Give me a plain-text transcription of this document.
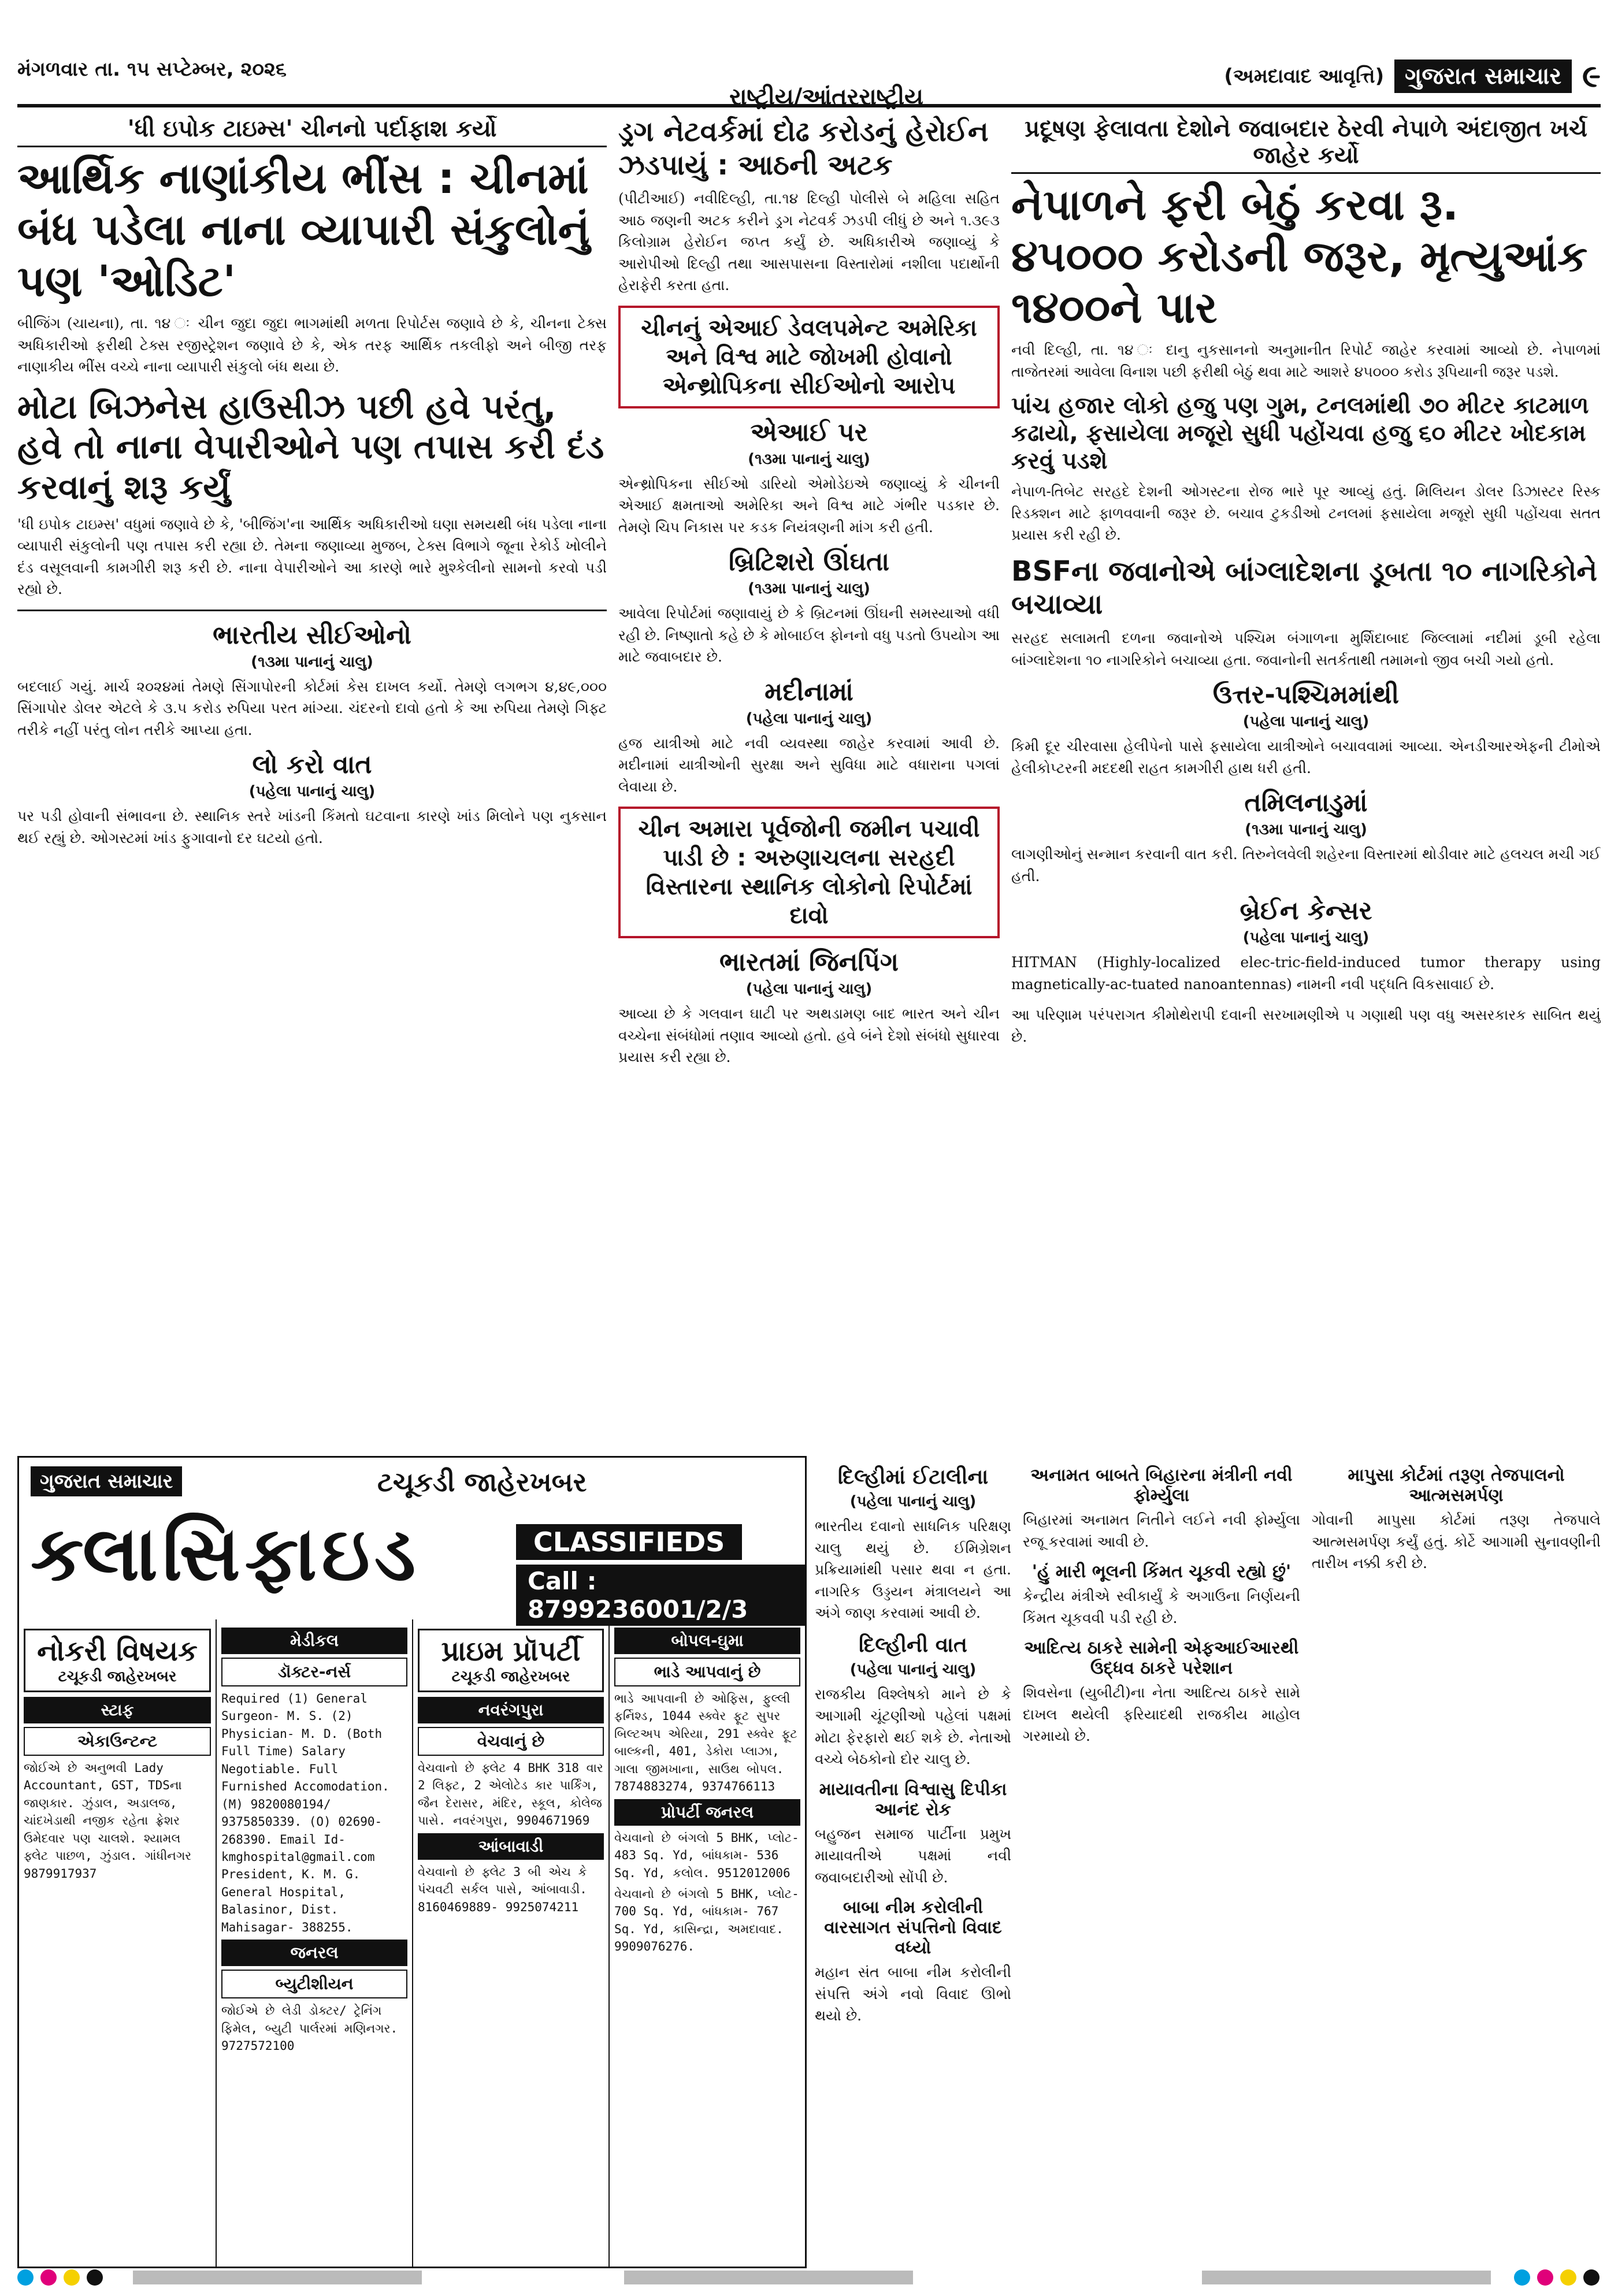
મંગળવાર તા. ૧૫ સપ્ટેમ્બર, ૨૦૨૬
રાષ્ટ્રીય/આંતરરાષ્ટ્રીય
(અમદાવાદ આવૃત્તિ) ગુજરાત સમાચાર ૯
'ધી ઇપોક ટાઇમ્સ' ચીનનો પર્દાફાશ કર્યો
આર્થિક નાણાંકીય ભીંસ : ચીનમાં બંધ પડેલા નાના વ્યાપારી સંકુલોનું પણ 'ઓડિટ'

બીજિંગ (ચાયના), તા. ૧૪ ઃ ચીન જુદા જુદા ભાગમાંથી મળતા રિપોર્ટસ જણાવે છે કે, ચીનના ટેક્સ અધિકારીઓ ફરીથી ટેક્સ રજીસ્ટ્રેશન જણાવે છે કે, એક તરફ આર્થિક તકલીફો અને બીજી તરફ નાણાકીય ભીંસ વચ્ચે નાના વ્યાપારી સંકુલો બંધ થયા છે.

મોટા બિઝનેસ હાઉસીઝ પછી હવે પરંતુ, હવે તો નાના વેપારીઓને પણ તપાસ કરી દંડ કરવાનું શરૂ કર્યું

'ધી ઇપોક ટાઇમ્સ' વધુમાં જણાવે છે કે, 'બીજિંગ'ના આર્થિક અધિકારીઓ ઘણા સમયથી બંધ પડેલા નાના વ્યાપારી સંકુલોની પણ તપાસ કરી રહ્યા છે. તેમના જણાવ્યા મુજબ, ટેક્સ વિભાગે જૂના રેકોર્ડ ખોલીને દંડ વસૂલવાની કામગીરી શરૂ કરી છે. નાના વેપારીઓને આ કારણે ભારે મુશ્કેલીનો સામનો કરવો પડી રહ્યો છે.

ભારતીય સીઈઓનો
(૧૩મા પાનાનું ચાલુ)

બદલાઈ ગયું. માર્ચ ૨૦૨૪માં તેમણે સિંગાપોરની કોર્ટમાં કેસ દાખલ કર્યો. તેમણે લગભગ ૪,૪૯,૦૦૦ સિંગાપોર ડોલર એટલે કે ૩.૫ કરોડ રુપિયા પરત માંગ્યા. ચંદરનો દાવો હતો કે આ રુપિયા તેમણે ગિફ્ટ તરીકે નહીં પરંતુ લોન તરીકે આપ્યા હતા.

લો કરો વાત
(પહેલા પાનાનું ચાલુ)

પર પડી હોવાની સંભાવના છે. સ્થાનિક સ્તરે ખાંડની કિંમતો ઘટવાના કારણે ખાંડ મિલોને પણ નુકસાન થઈ રહ્યું છે. ઓગસ્ટમાં ખાંડ ફુગાવાનો દર ઘટયો હતો.

ડ્રગ નેટવર્કમાં દોઢ કરોડનું હેરોઈન ઝડપાયું : આઠની અટક

(પીટીઆઈ) નવીદિલ્હી, તા.૧૪ દિલ્હી પોલીસે બે મહિલા સહિત આઠ જણની અટક કરીને ડ્રગ નેટવર્ક ઝડપી લીધું છે અને ૧.૩૯૩ કિલોગ્રામ હેરોઈન જપ્ત કર્યું છે. અધિકારીએ જણાવ્યું કે આરોપીઓ દિલ્હી તથા આસપાસના વિસ્તારોમાં નશીલા પદાર્થોની હેરાફેરી કરતા હતા.

ચીનનું એઆઈ ડેવલપમેન્ટ અમેરિકા અને વિશ્વ માટે જોખમી હોવાનો એન્થ્રોપિકના સીઈઓનો આરોપ
એઆઈ પર
(૧૩મા પાનાનું ચાલુ)

એન્થ્રોપિકના સીઈઓ ડારિયો એમોડેઇએ જણાવ્યું કે ચીનની એઆઈ ક્ષમતાઓ અમેરિકા અને વિશ્વ માટે ગંભીર પડકાર છે. તેમણે ચિપ નિકાસ પર કડક નિયંત્રણની માંગ કરી હતી.

બ્રિટિશરો ઊંઘતા
(૧૩મા પાનાનું ચાલુ)

આવેલા રિપોર્ટમાં જણાવાયું છે કે બ્રિટનમાં ઊંઘની સમસ્યાઓ વધી રહી છે. નિષ્ણાતો કહે છે કે મોબાઈલ ફોનનો વધુ પડતો ઉપયોગ આ માટે જવાબદાર છે.

મદીનામાં
(પહેલા પાનાનું ચાલુ)

હજ યાત્રીઓ માટે નવી વ્યવસ્થા જાહેર કરવામાં આવી છે. મદીનામાં યાત્રીઓની સુરક્ષા અને સુવિધા માટે વધારાના પગલાં લેવાયા છે.

ચીન અમારા પૂર્વજોની જમીન પચાવી પાડી છે : અરુણાચલના સરહદી વિસ્તારના સ્થાનિક લોકોનો રિપોર્ટમાં દાવો
ભારતમાં જિનપિંગ
(પહેલા પાનાનું ચાલુ)

આવ્યા છે કે ગલવાન ઘાટી પર અથડામણ બાદ ભારત અને ચીન વચ્ચેના સંબંધોમાં તણાવ આવ્યો હતો. હવે બંને દેશો સંબંધો સુધારવા પ્રયાસ કરી રહ્યા છે.

પ્રદૂષણ ફેલાવતા દેશોને જવાબદાર ઠેરવી નેપાળે અંદાજીત ખર્ચ જાહેર કર્યો
નેપાળને ફરી બેઠું કરવા રૂ. ૪૫૦૦૦ કરોડની જરૂર, મૃત્યુઆંક ૧૪૦૦ને પાર

નવી દિલ્હી, તા. ૧૪ ઃ દાનુ નુકસાનનો અનુમાનીત રિપોર્ટ જાહેર કરવામાં આવ્યો છે. નેપાળમાં તાજેતરમાં આવેલા વિનાશ પછી ફરીથી બેઠું થવા માટે આશરે ૪૫૦૦૦ કરોડ રૂપિયાની જરૂર પડશે.

પાંચ હજાર લોકો હજુ પણ ગુમ, ટનલમાંથી ૭૦ મીટર કાટમાળ કઢાયો, ફસાયેલા મજૂરો સુધી પહોંચવા હજુ ૬૦ મીટર ખોદકામ કરવું પડશે

નેપાળ-તિબેટ સરહદે દેશની ઓગસ્ટના રોજ ભારે પૂર આવ્યું હતું. મિલિયન ડોલર ડિઝાસ્ટર રિસ્ક રિડક્શન માટે ફાળવવાની જરૂર છે. બચાવ ટુકડીઓ ટનલમાં ફસાયેલા મજૂરો સુધી પહોંચવા સતત પ્રયાસ કરી રહી છે.

BSFના જવાનોએ બાંગ્લાદેશના ડૂબતા ૧૦ નાગરિકોને બચાવ્યા

સરહદ સલામતી દળના જવાનોએ પશ્ચિમ બંગાળના મુર્શિદાબાદ જિલ્લામાં નદીમાં ડૂબી રહેલા બાંગ્લાદેશના ૧૦ નાગરિકોને બચાવ્યા હતા. જવાનોની સતર્કતાથી તમામનો જીવ બચી ગયો હતો.

ઉત્તર-પશ્ચિમમાંથી
(પહેલા પાનાનું ચાલુ)

કિમી દૂર ચીરવાસા હેલીપેનો પાસે ફસાયેલા યાત્રીઓને બચાવવામાં આવ્યા. એનડીઆરએફની ટીમોએ હેલીકોપ્ટરની મદદથી રાહત કામગીરી હાથ ધરી હતી.

તમિલનાડુમાં
(૧૩મા પાનાનું ચાલુ)

લાગણીઓનું સન્માન કરવાની વાત કરી. તિરુનેલવેલી શહેરના વિસ્તારમાં થોડીવાર માટે હલચલ મચી ગઈ હતી.

બ્રેઈન કેન્સર
(પહેલા પાનાનું ચાલુ)

HITMAN (Highly-localized elec-tric-field-induced tumor therapy using magnetically-ac-tuated nanoantennas) નામની નવી પદ્ધતિ વિકસાવાઈ છે.

આ પરિણામ પરંપરાગત કીમોથેરાપી દવાની સરખામણીએ ૫ ગણાથી પણ વધુ અસરકારક સાબિત થયું છે.

દિલ્હીમાં ઈટાલીના
(પહેલા પાનાનું ચાલુ)

ભારતીય દવાનો સાધનિક પરિક્ષણ ચાલુ થયું છે. ઈમિગ્રેશન પ્રક્રિયામાંથી પસાર થવા ન હતા. નાગરિક ઉડ્ડયન મંત્રાલયને આ અંગે જાણ કરવામાં આવી છે.

દિલ્હીની વાત
(પહેલા પાનાનું ચાલુ)

રાજકીય વિશ્લેષકો માને છે કે આગામી ચૂંટણીઓ પહેલાં પક્ષમાં મોટા ફેરફારો થઈ શકે છે. નેતાઓ વચ્ચે બેઠકોનો દોર ચાલુ છે.

માયાવતીના વિશ્વાસુ દિપીકા આનંદ રોક

બહુજન સમાજ પાર્ટીના પ્રમુખ માયાવતીએ પક્ષમાં નવી જવાબદારીઓ સોંપી છે.

બાબા નીમ કરોલીની વારસાગત સંપત્તિનો વિવાદ વધ્યો

મહાન સંત બાબા નીમ કરોલીની સંપત્તિ અંગે નવો વિવાદ ઊભો થયો છે.

અનામત બાબતે બિહારના મંત્રીની નવી ફોર્મ્યુલા

બિહારમાં અનામત નિતીને લઈને નવી ફોર્મ્યુલા રજૂ કરવામાં આવી છે.

'હું મારી ભૂલની કિંમત ચૂકવી રહ્યો છું'

કેન્દ્રીય મંત્રીએ સ્વીકાર્યું કે અગાઉના નિર્ણયની કિંમત ચૂકવવી પડી રહી છે.

આદિત્ય ઠાકરે સામેની એફઆઈઆરથી ઉદ્ધવ ઠાકરે પરેશાન

શિવસેના (યુબીટી)ના નેતા આદિત્ય ઠાકરે સામે દાખલ થયેલી ફરિયાદથી રાજકીય માહોલ ગરમાયો છે.

માપુસા કોર્ટમાં તરૂણ તેજપાલનો આત્મસમર્પણ

ગોવાની માપુસા કોર્ટમાં તરૂણ તેજપાલે આત્મસમર્પણ કર્યું હતું. કોર્ટે આગામી સુનાવણીની તારીખ નક્કી કરી છે.

ગુજરાત સમાચાર	ટચૂકડી જાહેરખબર
ક્લાસિફાઇડ	CLASSIFIEDS
Call : 8799236001/2/3
નોકરી વિષયક
ટચૂકડી જાહેરખબર
સ્ટાફ
એકાઉન્ટન્ટ

જોઈએ છે અનુભવી Lady Accountant, GST, TDSના જાણકાર. ઝુંડાલ, અડાલજ, ચાંદખેડાથી નજીક રહેતા ફ્રેશર ઉમેદવાર પણ ચાલશે. શ્યામલ ફ્લેટ પાછળ, ઝુંડાલ. ગાંધીનગર 9879917937

મેડીકલ
ડૉક્ટર-નર્સ

Required (1) General Surgeon- M. S. (2) Physician- M. D. (Both Full Time) Salary Negotiable. Full Furnished Accomodation. (M) 9820080194/ 9375850339. (O) 02690- 268390. Email Id- kmghospital@gmail.com President, K. M. G. General Hospital, Balasinor, Dist. Mahisagar- 388255.

જનરલ
બ્યુટીશીયન

જોઈએ છે લેડી ડોક્ટર/ ટ્રેનિંગ ફિમેલ, બ્યુટી પાર્લરમાં મણિનગર. 9727572100

પ્રાઇમ પ્રૉપર્ટી
ટચૂકડી જાહેરખબર
નવરંગપુરા
વેચવાનું છે

વેચવાનો છે ફ્લેટ 4 BHK 318 વાર 2 લિફ્ટ, 2 એલોટેડ કાર પાર્કિંગ, જૈન દેરાસર, મંદિર, સ્કૂલ, કોલેજ પાસે. નવરંગપુરા, 9904671969

આંબાવાડી

વેચવાનો છે ફ્લેટ 3 બી એચ કે પંચવટી સર્કલ પાસે, આંબાવાડી. 8160469889- 9925074211

બોપલ-ઘુમા
ભાડે આપવાનું છે

ભાડે આપવાની છે ઓફિસ, ફુલ્લી ફર્નિશ્ડ, 1044 સ્ક્વેર ફૂટ સુપર બિલ્ટઅપ એરિયા, 291 સ્ક્વેર ફૂટ બાલ્કની, 401, ડેકોરા પ્લાઝા, ગાલા જીમખાના, સાઉથ બોપલ. 7874883274, 9374766113

પ્રોપર્ટી જનરલ

વેચવાનો છે બંગલો 5 BHK, પ્લોટ- 483 Sq. Yd, બાંધકામ- 536 Sq. Yd, કલોલ. 9512012006

વેચવાનો છે બંગલો 5 BHK, પ્લોટ- 700 Sq. Yd, બાંધકામ- 767 Sq. Yd, કાસિન્દ્રા, અમદાવાદ. 9909076276.
